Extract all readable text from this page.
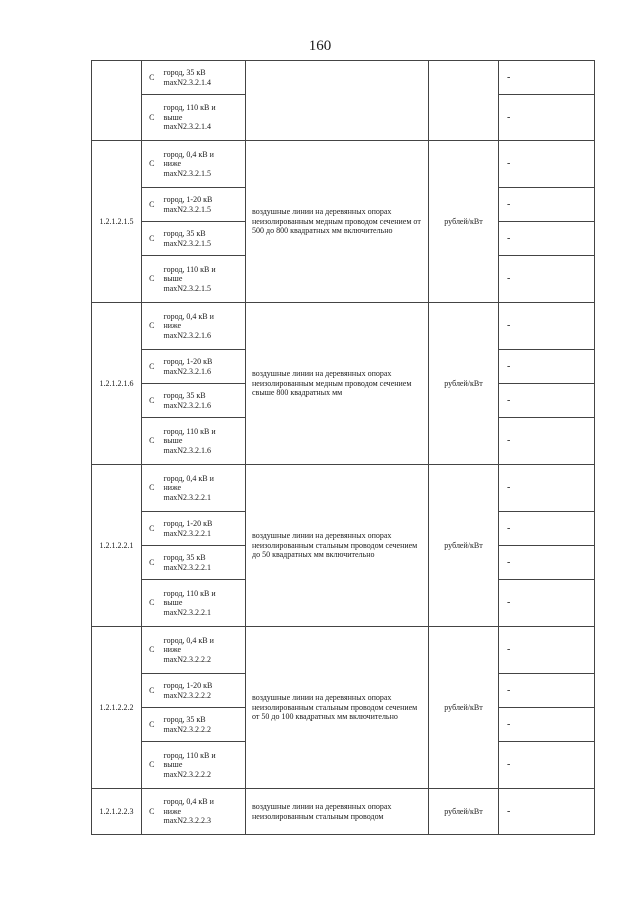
160
	С	город, 35 кВ
maxN2.3.2.1.4			-
	С	город, 110 кВ и
выше
maxN2.3.2.1.4			-
1.2.1.2.1.5	С	город, 0,4 кВ и
ниже
maxN2.3.2.1.5	воздушные линии на деревянных опорах неизолированным медным проводом сечением от 500 до 800 квадратных мм включительно	рублей/кВт	-
	С	город, 1-20 кВ
maxN2.3.2.1.5			-
	С	город, 35 кВ
maxN2.3.2.1.5			-
	С	город, 110 кВ и
выше
maxN2.3.2.1.5			-
1.2.1.2.1.6	С	город, 0,4 кВ и
ниже
maxN2.3.2.1.6	воздушные линии на деревянных опорах неизолированным медным проводом сечением свыше 800 квадратных мм	рублей/кВт	-
	С	город, 1-20 кВ
maxN2.3.2.1.6			-
	С	город, 35 кВ
maxN2.3.2.1.6			-
	С	город, 110 кВ и
выше
maxN2.3.2.1.6			-
1.2.1.2.2.1	С	город, 0,4 кВ и
ниже
maxN2.3.2.2.1	воздушные линии на деревянных опорах неизолированным стальным проводом сечением до 50 квадратных мм включительно	рублей/кВт	-
	С	город, 1-20 кВ
maxN2.3.2.2.1			-
	С	город, 35 кВ
maxN2.3.2.2.1			-
	С	город, 110 кВ и
выше
maxN2.3.2.2.1			-
1.2.1.2.2.2	С	город, 0,4 кВ и
ниже
maxN2.3.2.2.2	воздушные линии на деревянных опорах неизолированным стальным проводом сечением от 50 до 100 квадратных мм включительно	рублей/кВт	-
	С	город, 1-20 кВ
maxN2.3.2.2.2			-
	С	город, 35 кВ
maxN2.3.2.2.2			-
	С	город, 110 кВ и
выше
maxN2.3.2.2.2			-
1.2.1.2.2.3	С	город, 0,4 кВ и
ниже
maxN2.3.2.2.3	воздушные линии на деревянных опорах неизолированным стальным проводом	рублей/кВт	-
